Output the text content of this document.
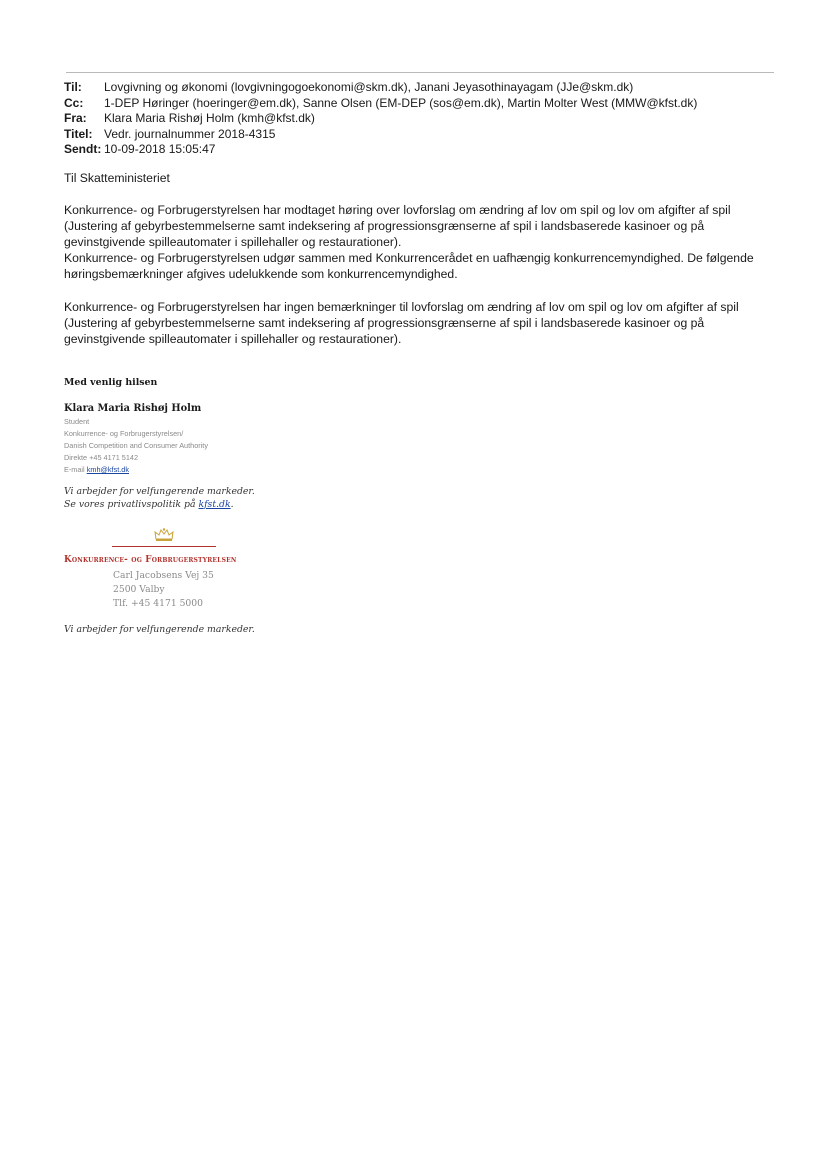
Til: Lovgivning og økonomi (lovgivningogoekonomi@skm.dk), Janani Jeyasothinayagam (JJe@skm.dk)
Cc: 1-DEP Høringer (hoeringer@em.dk), Sanne Olsen (EM-DEP (sos@em.dk), Martin Molter West (MMW@kfst.dk)
Fra: Klara Maria Rishøj Holm (kmh@kfst.dk)
Titel: Vedr. journalnummer 2018-4315
Sendt: 10-09-2018 15:05:47

Til Skatteministeriet

Konkurrence- og Forbrugerstyrelsen har modtaget høring over lovforslag om ændring af lov om spil og lov om afgifter af spil (Justering af gebyrbestemmelserne samt indeksering af progressionsgrænserne af spil i landsbaserede kasinoer og på gevinstgivende spilleautomater i spillehaller og restaurationer).

Konkurrence- og Forbrugerstyrelsen udgør sammen med Konkurrencerådet en uafhængig konkurrencemyndighed. De følgende høringsbemærkninger afgives udelukkende som konkurrencemyndighed.

Konkurrence- og Forbrugerstyrelsen har ingen bemærkninger til lovforslag om ændring af lov om spil og lov om afgifter af spil (Justering af gebyrbestemmelserne samt indeksering af progressionsgrænserne af spil i landsbaserede kasinoer og på gevinstgivende spilleautomater i spillehaller og restaurationer).

Med venlig hilsen
Klara Maria Rishøj Holm
Student
Konkurrence- og Forbrugerstyrelsen/
Danish Competition and Consumer Authority
Direkte +45 4171 5142
E-mail kmh@kfst.dk
Vi arbejder for velfungerende markeder.
Se vores privatlivspolitik på kfst.dk.
Konkurrence- og Forbrugerstyrelsen
Carl Jacobsens Vej 35
2500 Valby
Tlf. +45 4171 5000
Vi arbejder for velfungerende markeder.
